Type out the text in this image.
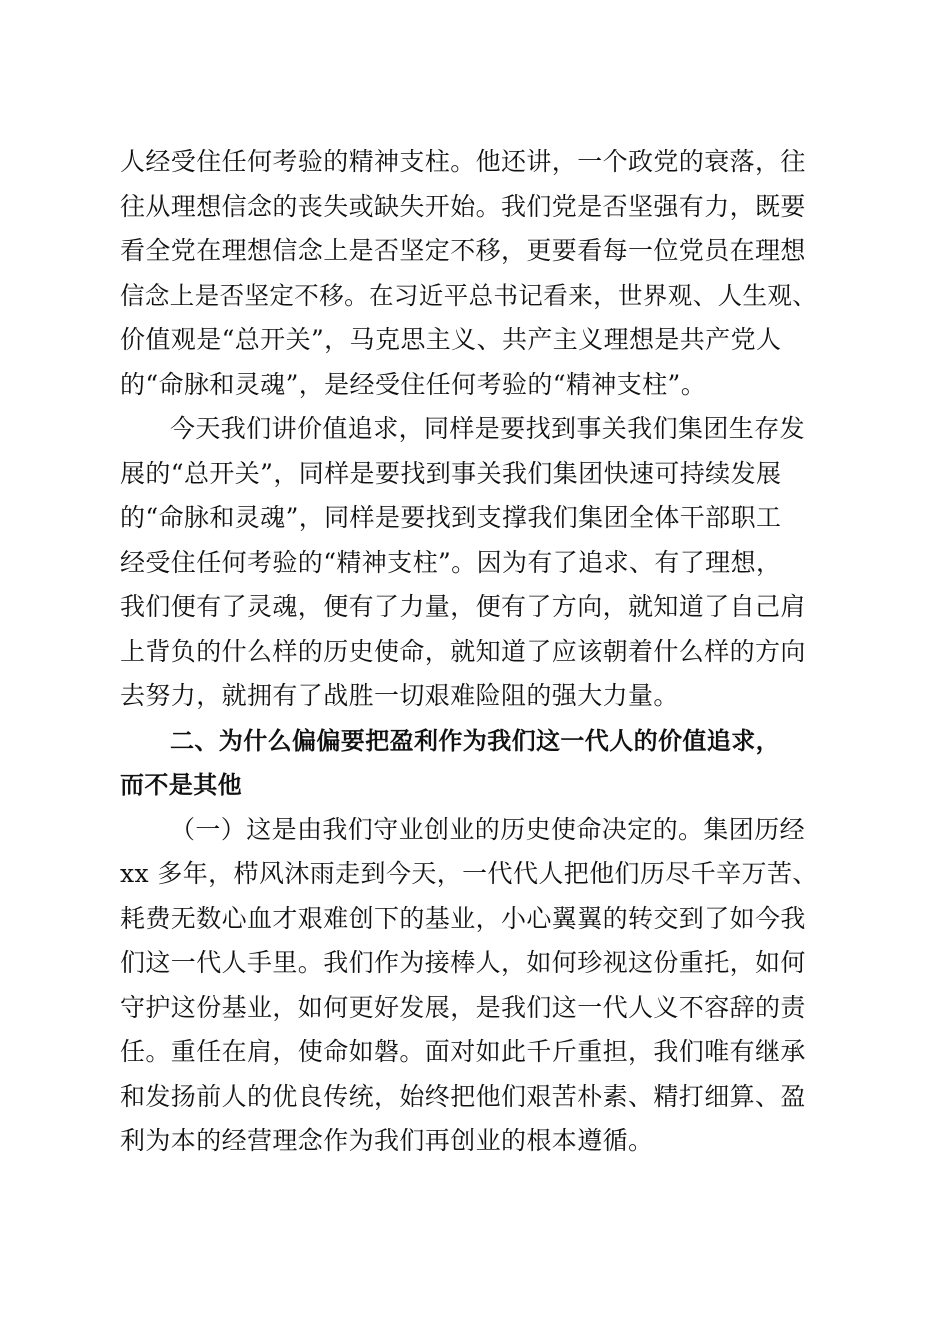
人经受住任何考验的精神支柱。他还讲，一个政党的衰落，往
往从理想信念的丧失或缺失开始。我们党是否坚强有力，既要
看全党在理想信念上是否坚定不移，更要看每一位党员在理想
信念上是否坚定不移。在习近平总书记看来，世界观、人生观、
价值观是“总开关”，马克思主义、共产主义理想是共产党人
的“命脉和灵魂”，是经受住任何考验的“精神支柱”。
今天我们讲价值追求，同样是要找到事关我们集团生存发
展的“总开关”，同样是要找到事关我们集团快速可持续发展
的“命脉和灵魂”，同样是要找到支撑我们集团全体干部职工
经受住任何考验的“精神支柱”。因为有了追求、有了理想，
我们便有了灵魂，便有了力量，便有了方向，就知道了自己肩
上背负的什么样的历史使命，就知道了应该朝着什么样的方向
去努力，就拥有了战胜一切艰难险阻的强大力量。
二、为什么偏偏要把盈利作为我们这一代人的价值追求，
而不是其他
（一）这是由我们守业创业的历史使命决定的。集团历经
xx 多年，栉风沐雨走到今天，一代代人把他们历尽千辛万苦、
耗费无数心血才艰难创下的基业，小心翼翼的转交到了如今我
们这一代人手里。我们作为接棒人，如何珍视这份重托，如何
守护这份基业，如何更好发展，是我们这一代人义不容辞的责
任。重任在肩，使命如磐。面对如此千斤重担，我们唯有继承
和发扬前人的优良传统，始终把他们艰苦朴素、精打细算、盈
利为本的经营理念作为我们再创业的根本遵循。
